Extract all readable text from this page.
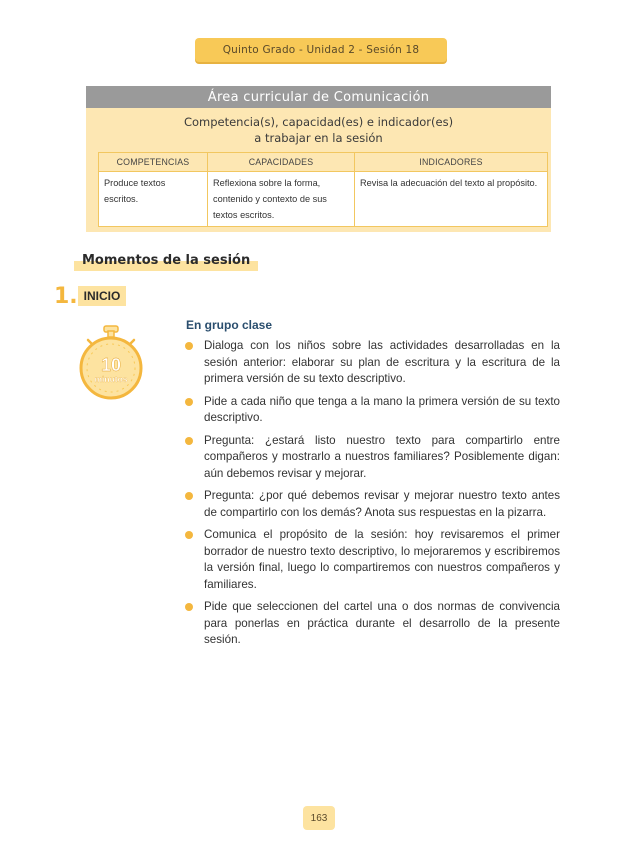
Quinto Grado - Unidad 2 - Sesión 18
Área curricular de Comunicación
Competencia(s), capacidad(es) e indicador(es)
a trabajar en la sesión
COMPETENCIAS	CAPACIDADES	INDICADORES
Produce textos escritos.	Reflexiona sobre la forma, contenido y contexto de sus textos escritos.	Revisa la adecuación del texto al propósito.
Momentos de la sesión
1. INICIO
10
minutos
En grupo clase
Dialoga con los niños sobre las actividades desarrolladas en la sesión anterior: elaborar su plan de escritura y la escritura de la primera versión de su texto descriptivo.
Pide a cada niño que tenga a la mano la primera versión de su texto descriptivo.
Pregunta: ¿estará listo nuestro texto para compartirlo entre compañeros y mostrarlo a nuestros familiares? Posiblemente digan: aún debemos revisar y mejorar.
Pregunta: ¿por qué debemos revisar y mejorar nuestro texto antes de compartirlo con los demás? Anota sus respuestas en la pizarra.
Comunica el propósito de la sesión: hoy revisaremos el primer borrador de nuestro texto descriptivo, lo mejoraremos y escribiremos la versión final, luego lo compartiremos con nuestros compañeros y familiares.
Pide que seleccionen del cartel una o dos normas de convivencia para ponerlas en práctica durante el desarrollo de la presente sesión.
163
